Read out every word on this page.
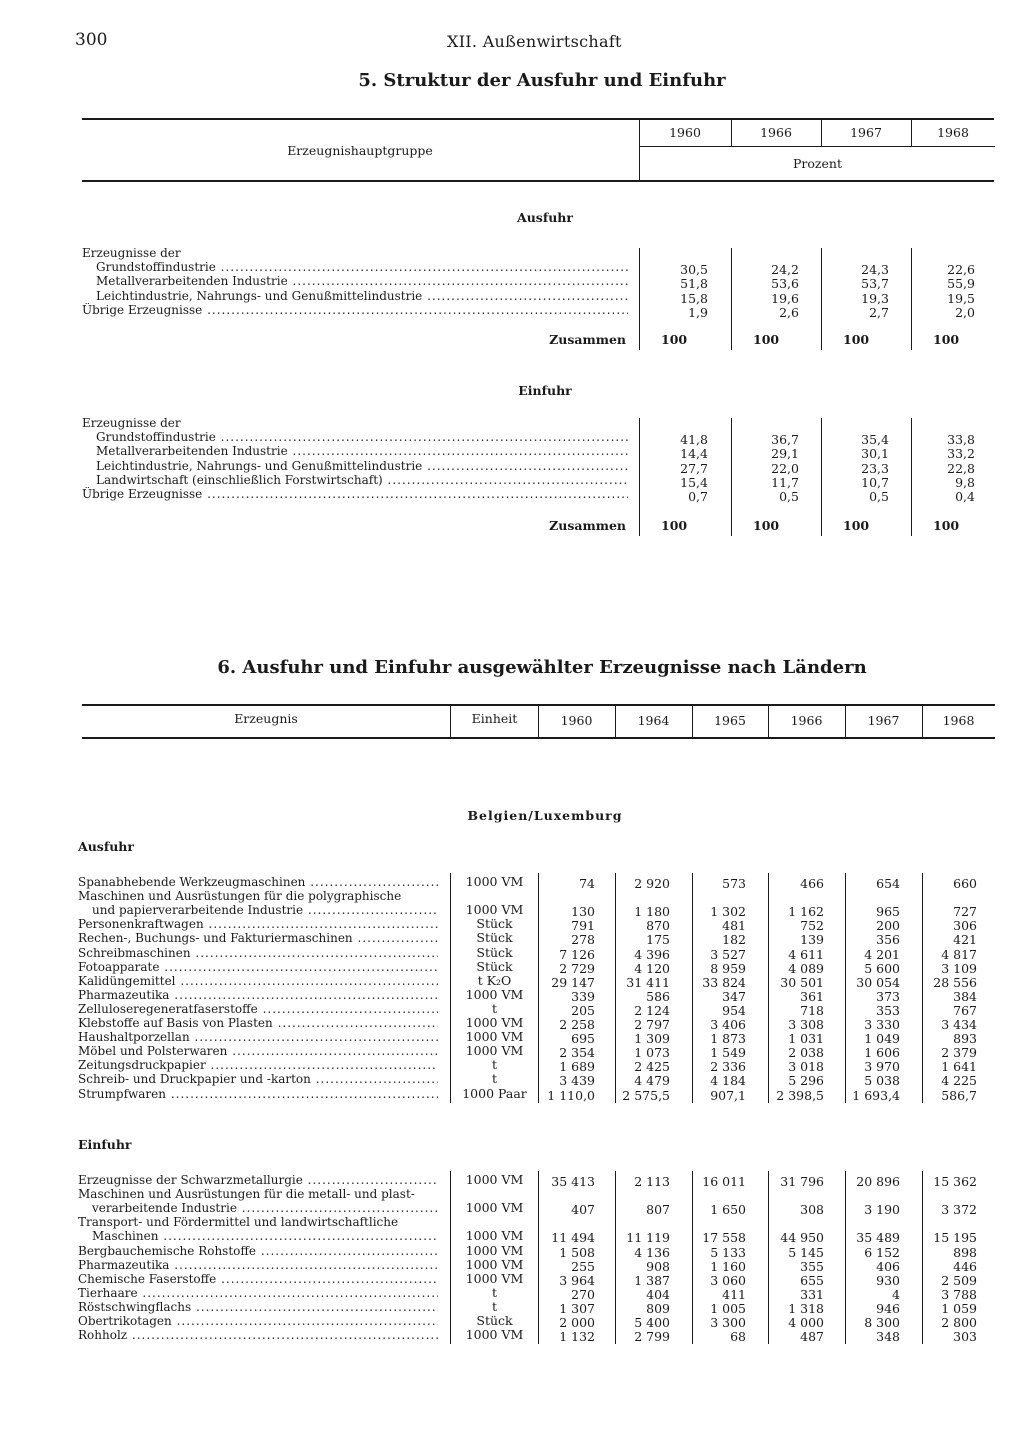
300	XII. Außenwirtschaft
5. Struktur der Ausfuhr und Einfuhr
Erzeugnishauptgruppe
1960	1966	1967	1968
Prozent
Ausfuhr
Erzeugnisse der
Grundstoffindustrie .....	30,5	24,2	24,3	22,6
Metallverarbeitenden Industrie .....	51,8	53,6	53,7	55,9
Leichtindustrie, Nahrungs- und Genußmittelindustrie .....	15,8	19,6	19,3	19,5
Übrige Erzeugnisse .....	1,9	2,6	2,7	2,0
Zusammen	100	100	100	100
Einfuhr
Erzeugnisse der
Grundstoffindustrie .....	41,8	36,7	35,4	33,8
Metallverarbeitenden Industrie .....	14,4	29,1	30,1	33,2
Leichtindustrie, Nahrungs- und Genußmittelindustrie .....	27,7	22,0	23,3	22,8
Landwirtschaft (einschließlich Forstwirtschaft) .....	15,4	11,7	10,7	9,8
Übrige Erzeugnisse .....	0,7	0,5	0,5	0,4
Zusammen	100	100	100	100
6. Ausfuhr und Einfuhr ausgewählter Erzeugnisse nach Ländern
Erzeugnis	Einheit	1960	1964	1965	1966	1967	1968
Belgien/Luxemburg
Ausfuhr
Spanabhebende Werkzeugmaschinen .....	1000 VM	74	2 920	573	466	654	660
Maschinen und Ausrüstungen für die polygraphische
und papierverarbeitende Industrie .....	1000 VM	130	1 180	1 302	1 162	965	727
Personenkraftwagen .....	Stück	791	870	481	752	200	306
Rechen-, Buchungs- und Fakturiermaschinen .....	Stück	278	175	182	139	356	421
Schreibmaschinen .....	Stück	7 126	4 396	3 527	4 611	4 201	4 817
Fotoapparate .....	Stück	2 729	4 120	8 959	4 089	5 600	3 109
Kalidüngemittel .....	t K₂O	29 147	31 411	33 824	30 501	30 054	28 556
Pharmazeutika .....	1000 VM	339	586	347	361	373	384
Zelluloseregeneratfaserstoffe .....	t	205	2 124	954	718	353	767
Klebstoffe auf Basis von Plasten .....	1000 VM	2 258	2 797	3 406	3 308	3 330	3 434
Haushaltporzellan .....	1000 VM	695	1 309	1 873	1 031	1 049	893
Möbel und Polsterwaren .....	1000 VM	2 354	1 073	1 549	2 038	1 606	2 379
Zeitungsdruckpapier .....	t	1 689	2 425	2 336	3 018	3 970	1 641
Schreib- und Druckpapier und -karton .....	t	3 439	4 479	4 184	5 296	5 038	4 225
Strumpfwaren .....	1000 Paar	1 110,0	2 575,5	907,1	2 398,5	1 693,4	586,7
Einfuhr
Erzeugnisse der Schwarzmetallurgie .....	1000 VM	35 413	2 113	16 011	31 796	20 896	15 362
Maschinen und Ausrüstungen für die metall- und plast-
verarbeitende Industrie .....	1000 VM	407	807	1 650	308	3 190	3 372
Transport- und Fördermittel und landwirtschaftliche
Maschinen .....	1000 VM	11 494	11 119	17 558	44 950	35 489	15 195
Bergbauchemische Rohstoffe .....	1000 VM	1 508	4 136	5 133	5 145	6 152	898
Pharmazeutika .....	1000 VM	255	908	1 160	355	406	446
Chemische Faserstoffe .....	1000 VM	3 964	1 387	3 060	655	930	2 509
Tierhaare .....	t	270	404	411	331	4	3 788
Röstschwingflachs .....	t	1 307	809	1 005	1 318	946	1 059
Obertrikotagen .....	Stück	2 000	5 400	3 300	4 000	8 300	2 800
Rohholz .....	1000 VM	1 132	2 799	68	487	348	303
